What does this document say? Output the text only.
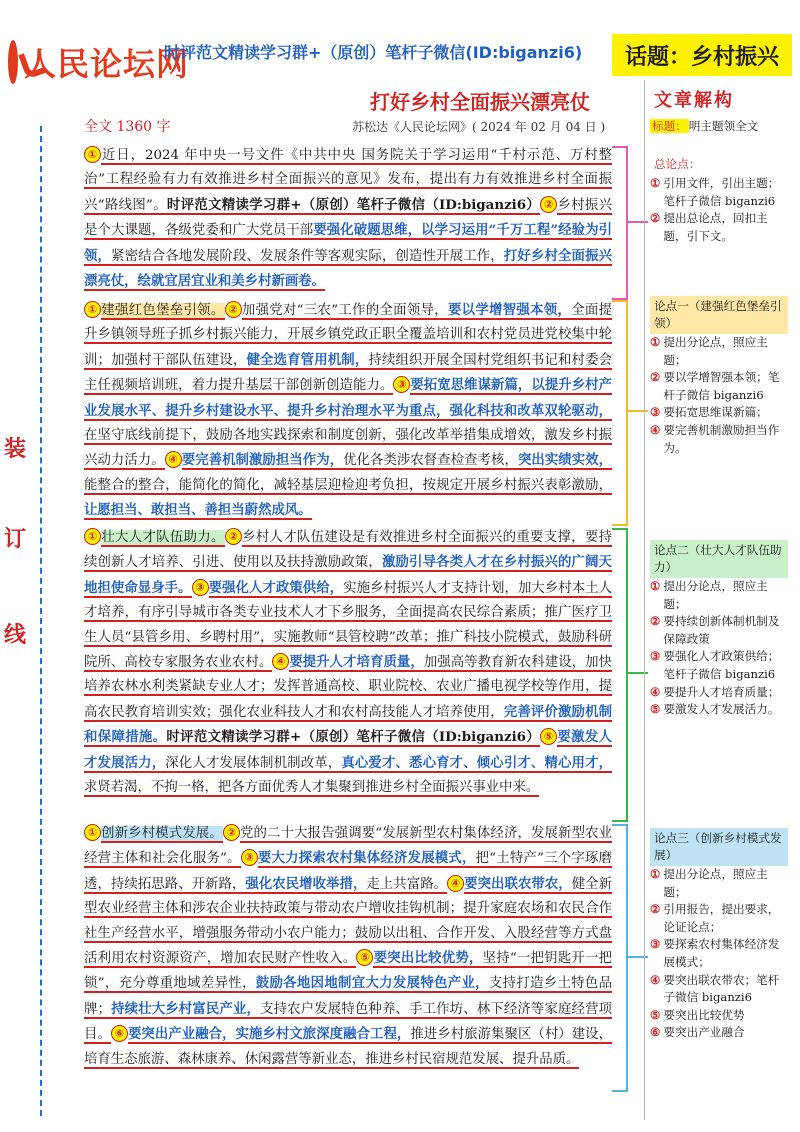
人民论坛网
时评范文精读学习群+（原创）笔杆子微信(ID:biganzi6)	话题：乡村振兴
打好乡村全面振兴漂亮仗
全文 1360 字	苏松达《人民论坛网》( 2024 年 02 月 04 日 )
装
订
线
① 近日，2024 年中央一号文件《中共中央 国务院关于学习运用“千村示范、万村整治”工程经验有力有效推进乡村全面振兴的意见》发布，提出有力有效推进乡村全面振兴“路线图”。时评范文精读学习群+（原创）笔杆子微信（ID:biganzi6） ② 乡村振兴是个大课题，各级党委和广大党员干部要强化破题思维，以学习运用“千万工程”经验为引领，紧密结合各地发展阶段、发展条件等客观实际，创造性开展工作，打好乡村全面振兴漂亮仗，绘就宜居宜业和美乡村新画卷。
① 建强红色堡垒引领。 ② 加强党对“三农”工作的全面领导，要以学增智强本领，全面提升乡镇领导班子抓乡村振兴能力，开展乡镇党政正职全覆盖培训和农村党员进党校集中轮训；加强村干部队伍建设，健全选育管用机制，持续组织开展全国村党组织书记和村委会主任视频培训班，着力提升基层干部创新创造能力。 ③ 要拓宽思维谋新篇，以提升乡村产业发展水平、提升乡村建设水平、提升乡村治理水平为重点，强化科技和改革双轮驱动，在坚守底线前提下，鼓励各地实践探索和制度创新，强化改革举措集成增效，激发乡村振兴动力活力。 ④ 要完善机制激励担当作为，优化各类涉农督查检查考核，突出实绩实效，能整合的整合，能简化的简化，减轻基层迎检迎考负担，按规定开展乡村振兴表彰激励，让愿担当、敢担当、善担当蔚然成风。
① 壮大人才队伍助力。 ② 乡村人才队伍建设是有效推进乡村全面振兴的重要支撑，要持续创新人才培养、引进、使用以及扶持激励政策，激励引导各类人才在乡村振兴的广阔天地担使命显身手。 ③ 要强化人才政策供给，实施乡村振兴人才支持计划，加大乡村本土人才培养，有序引导城市各类专业技术人才下乡服务，全面提高农民综合素质；推广医疗卫生人员“县管乡用、乡聘村用”，实施教师“县管校聘”改革；推广科技小院模式，鼓励科研院所、高校专家服务农业农村。 ④ 要提升人才培育质量，加强高等教育新农科建设，加快培养农林水利类紧缺专业人才；发挥普通高校、职业院校、农业广播电视学校等作用，提高农民教育培训实效；强化农业科技人才和农村高技能人才培养使用，完善评价激励机制和保障措施。时评范文精读学习群+（原创）笔杆子微信（ID:biganzi6） ⑤ 要激发人才发展活力，深化人才发展体制机制改革，真心爱才、悉心育才、倾心引才、精心用才，求贤若渴，不拘一格，把各方面优秀人才集聚到推进乡村全面振兴事业中来。
① 创新乡村模式发展。 ② 党的二十大报告强调要“发展新型农村集体经济，发展新型农业经营主体和社会化服务”。 ③ 要大力探索农村集体经济发展模式，把“土特产”三个字琢磨透，持续拓思路、开新路，强化农民增收举措，走上共富路。 ④ 要突出联农带农，健全新型农业经营主体和涉农企业扶持政策与带动农户增收挂钩机制；提升家庭农场和农民合作社生产经营水平，增强服务带动小农户能力；鼓励以出租、合作开发、入股经营等方式盘活利用农村资源资产，增加农民财产性收入。 ⑤ 要突出比较优势，坚持“一把钥匙开一把锁”，充分尊重地域差异性，鼓励各地因地制宜大力发展特色产业，支持打造乡土特色品牌；持续壮大乡村富民产业，支持农户发展特色种养、手工作坊、林下经济等家庭经营项目。 ⑥ 要突出产业融合，实施乡村文旅深度融合工程，推进乡村旅游集聚区（村）建设，培育生态旅游、森林康养、休闲露营等新业态，推进乡村民宿规范发展、提升品质。
文章解构
标题： 明主题领全文
总论点：
① 引用文件，引出主题；笔杆子微信 biganzi6
② 提出总论点，回扣主题，引下文。
论点一（建强红色堡垒引领）
① 提出分论点，照应主题；
② 要以学增智强本领；笔杆子微信 biganzi6
③ 要拓宽思维谋新篇；
④ 要完善机制激励担当作为。
论点二（壮大人才队伍助力）
① 提出分论点，照应主题；
② 要持续创新体制机制及保障政策
③ 要强化人才政策供给；笔杆子微信 biganzi6
④ 要提升人才培育质量；
⑤ 要激发人才发展活力。
论点三（创新乡村模式发展）
① 提出分论点，照应主题；
② 引用报告，提出要求，论证论点；
③ 要探索农村集体经济发展模式；
④ 要突出联农带农；笔杆子微信 biganzi6
⑤ 要突出比较优势
⑥ 要突出产业融合
